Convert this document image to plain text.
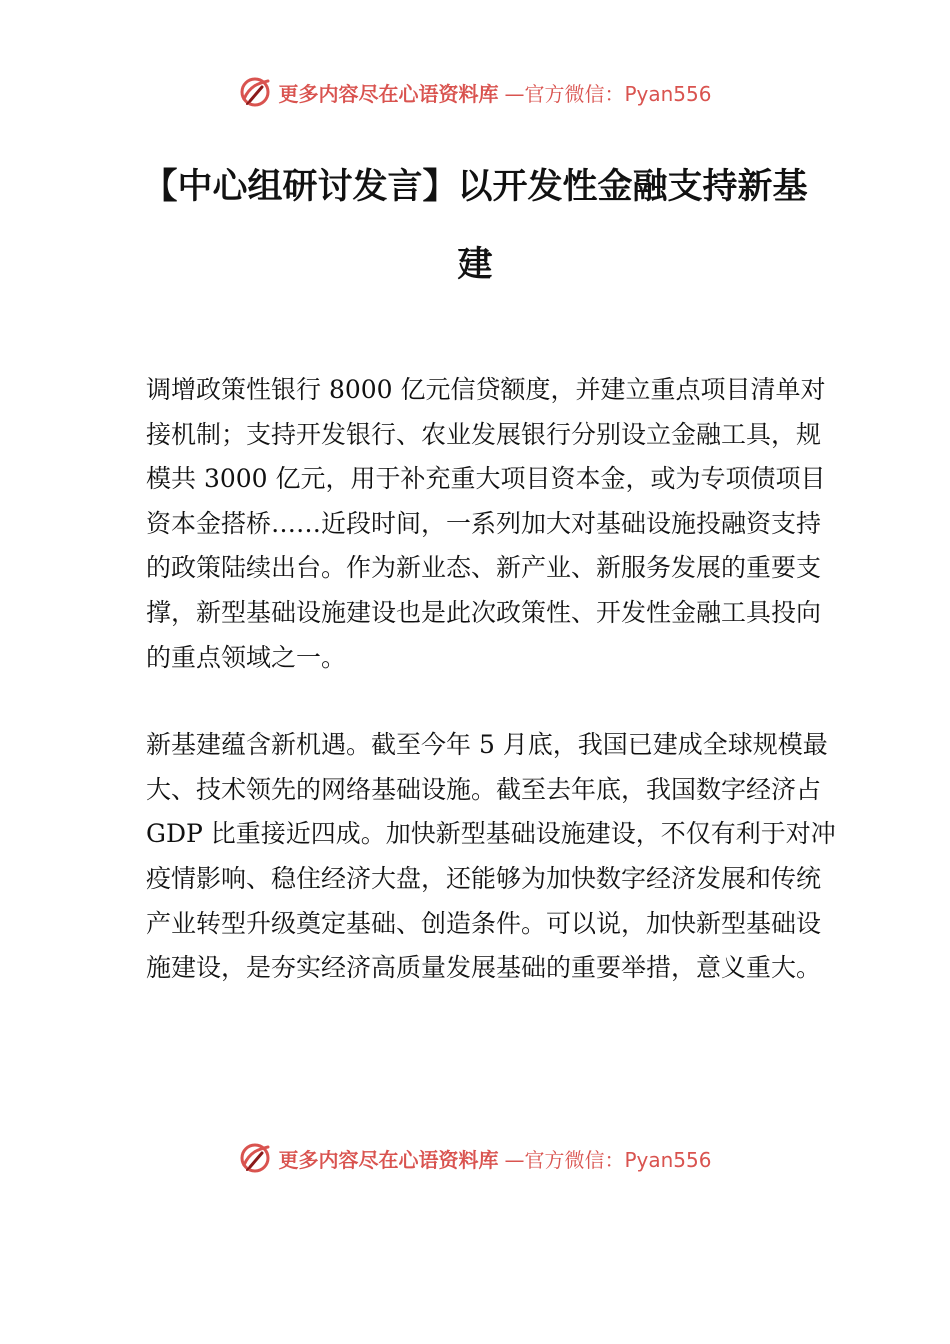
更多内容尽在心语资料库 —官方微信：Pyan556
【中心组研讨发言】以开发性金融支持新基建

调增政策性银行 8000 亿元信贷额度，并建立重点项目清单对接机制；支持开发银行、农业发展银行分别设立金融工具，规模共 3000 亿元，用于补充重大项目资本金，或为专项债项目资本金搭桥……近段时间，一系列加大对基础设施投融资支持的政策陆续出台。作为新业态、新产业、新服务发展的重要支撑，新型基础设施建设也是此次政策性、开发性金融工具投向的重点领域之一。

新基建蕴含新机遇。截至今年 5 月底，我国已建成全球规模最大、技术领先的网络基础设施。截至去年底，我国数字经济占 GDP 比重接近四成。加快新型基础设施建设，不仅有利于对冲疫情影响、稳住经济大盘，还能够为加快数字经济发展和传统产业转型升级奠定基础、创造条件。可以说，加快新型基础设施建设，是夯实经济高质量发展基础的重要举措，意义重大。

更多内容尽在心语资料库 —官方微信：Pyan556
